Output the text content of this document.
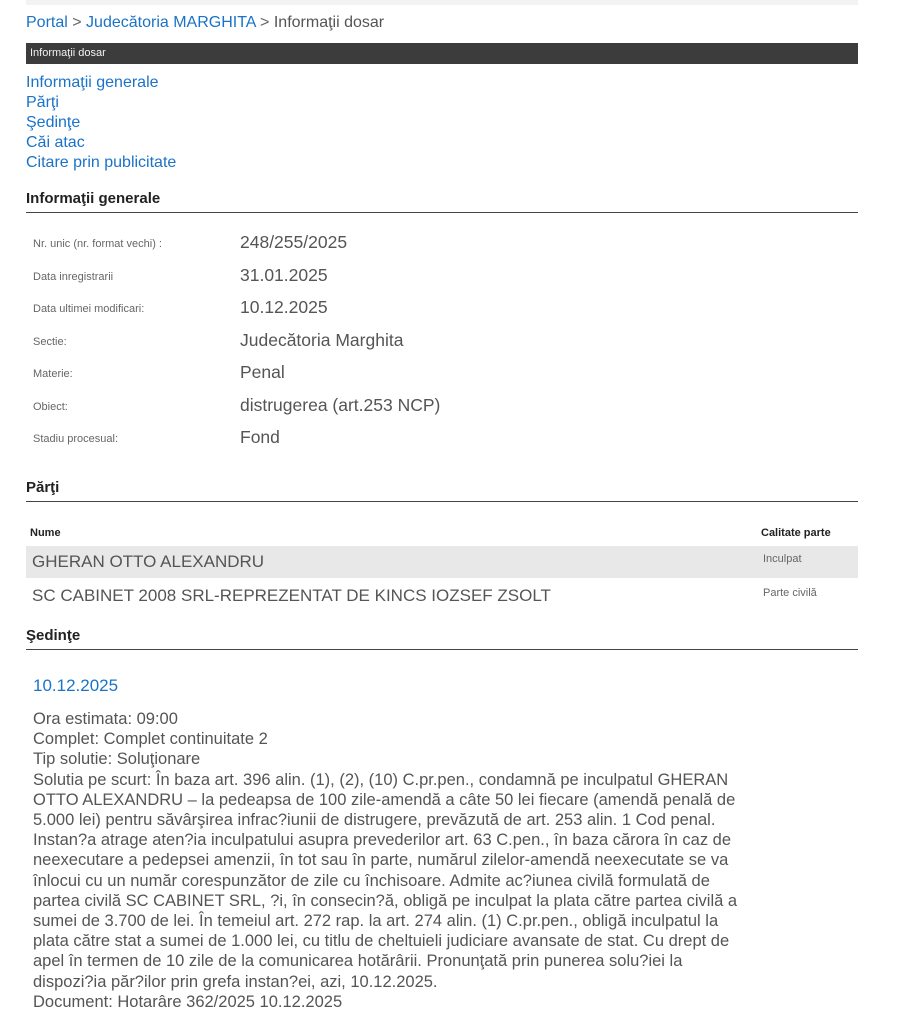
Portal > Judecătoria MARGHITA > Informaţii dosar
Informaţii dosar
Informaţii generale
Părţi
Şedinţe
Căi atac
Citare prin publicitate
Informaţii generale
Nr. unic (nr. format vechi) :	248/255/2025
Data inregistrarii	31.01.2025
Data ultimei modificari:	10.12.2025
Sectie:	Judecătoria Marghita
Materie:	Penal
Obiect:	distrugerea (art.253 NCP)
Stadiu procesual:	Fond
Părţi
Nume	Calitate parte
GHERAN OTTO ALEXANDRU	Inculpat
SC CABINET 2008 SRL-REPREZENTAT DE KINCS IOZSEF ZSOLT	Parte civilă
Şedinţe
10.12.2025
Ora estimata: 09:00
Complet: Complet continuitate 2
Tip solutie: Soluţionare
Solutia pe scurt: În baza art. 396 alin. (1), (2), (10) C.pr.pen., condamnă pe inculpatul GHERAN
OTTO ALEXANDRU – la pedeapsa de 100 zile-amendă a câte 50 lei fiecare (amendă penală de
5.000 lei) pentru săvârşirea infrac?iunii de distrugere, prevăzută de art. 253 alin. 1 Cod penal.
Instan?a atrage aten?ia inculpatului asupra prevederilor art. 63 C.pen., în baza cărora în caz de
neexecutare a pedepsei amenzii, în tot sau în parte, numărul zilelor-amendă neexecutate se va
înlocui cu un număr corespunzător de zile cu închisoare. Admite ac?iunea civilă formulată de
partea civilă SC CABINET SRL, ?i, în consecin?ă, obligă pe inculpat la plata către partea civilă a
sumei de 3.700 de lei. În temeiul art. 272 rap. la art. 274 alin. (1) C.pr.pen., obligă inculpatul la
plata către stat a sumei de 1.000 lei, cu titlu de cheltuieli judiciare avansate de stat. Cu drept de
apel în termen de 10 zile de la comunicarea hotărârii. Pronunţată prin punerea solu?iei la
dispozi?ia păr?ilor prin grefa instan?ei, azi, 10.12.2025.
Document: Hotarâre 362/2025 10.12.2025
